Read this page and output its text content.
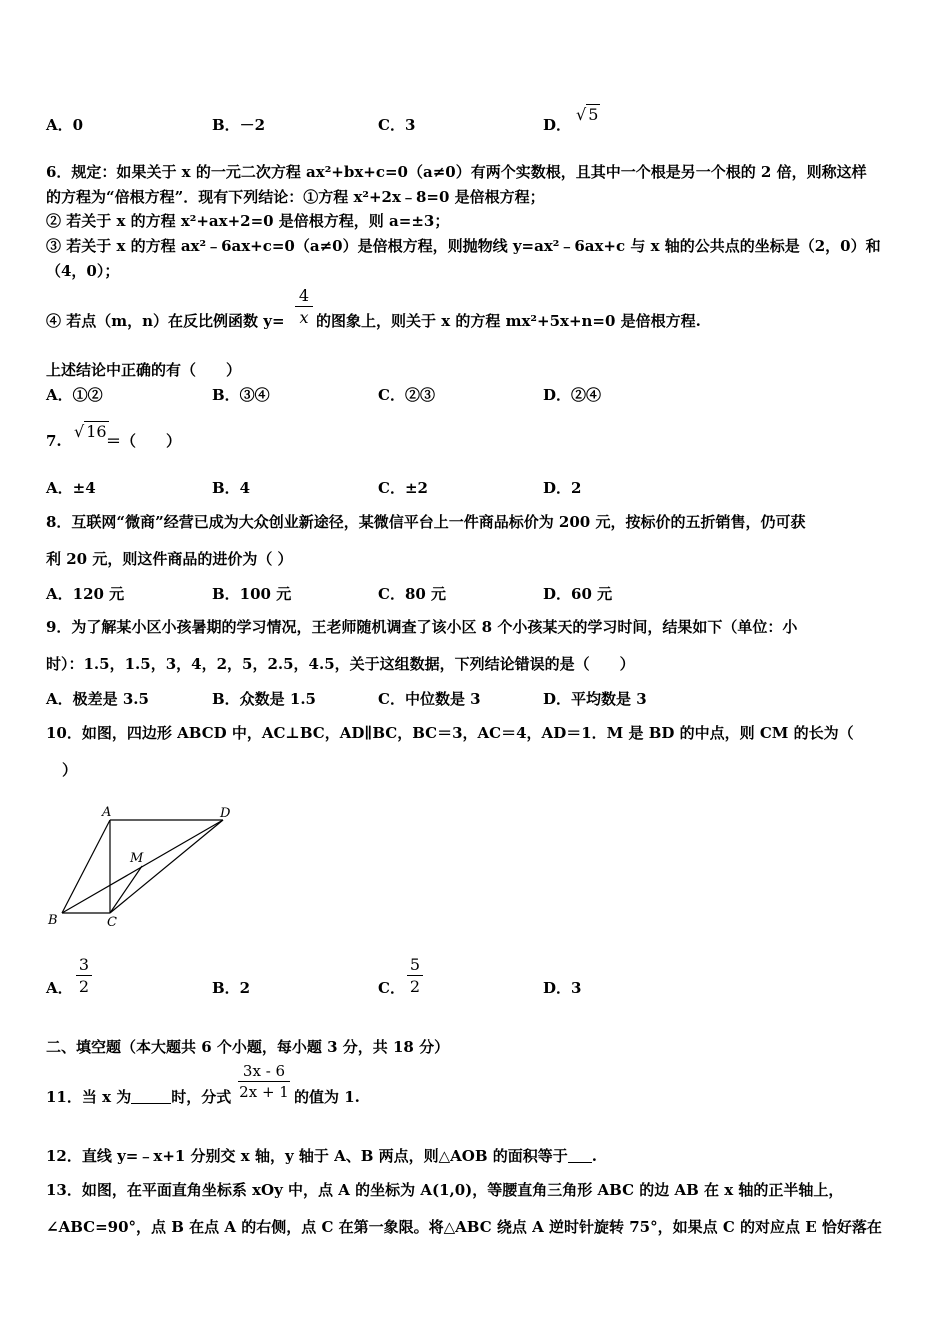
A．0	B．－2	C．3	D．
√ 5
6．规定：如果关于 x 的一元二次方程 ax²+bx+c=0（a≠0）有两个实数根，且其中一个根是另一个根的 2 倍，则称这样
的方程为“倍根方程”．现有下列结论：①方程 x²+2x﹣8=0 是倍根方程；
② 若关于 x 的方程 x²+ax+2=0 是倍根方程，则 a=±3；
③ 若关于 x 的方程 ax²﹣6ax+c=0（a≠0）是倍根方程，则抛物线 y=ax²﹣6ax+c 与 x 轴的公共点的坐标是（2，0）和
（4，0）；
④ 若点（m，n）在反比例函数 y=
4
x 的图象上，则关于 x 的方程 mx²+5x+n=0 是倍根方程.
上述结论中正确的有（　　）
A．①②	B．③④	C．②③	D．②④
7. √ 16 ＝（　　）
A．±4	B．4	C．±2	D．2
8．互联网“微商”经营已成为大众创业新途径，某微信平台上一件商品标价为 200 元，按标价的五折销售，仍可获
利 20 元，则这件商品的进价为（ ）
A．120 元	B．100 元	C．80 元	D．60 元
9．为了解某小区小孩暑期的学习情况，王老师随机调查了该小区 8 个小孩某天的学习时间，结果如下（单位：小
时）：1.5，1.5，3，4，2，5，2.5，4.5，关于这组数据，下列结论错误的是（　　）
A．极差是 3.5	B．众数是 1.5	C．中位数是 3	D．平均数是 3
10．如图，四边形 ABCD 中，AC⊥BC，AD∥BC，BC＝3，AC＝4，AD＝1．M 是 BD 的中点，则 CM 的长为（
）
A	D
M
B	C
A．
3
2	B．2	C．
5
2	D．3
二、填空题（本大题共 6 个小题，每小题 3 分，共 18 分）
11．当 x 为	时，分式
3x - 6
2x + 1 的值为 1.
12．直线 y=﹣x+1 分别交 x 轴，y 轴于 A、B 两点，则△AOB 的面积等于 .
13．如图，在平面直角坐标系 xOy 中，点 A 的坐标为 A(1,0)，等腰直角三角形 ABC 的边 AB 在 x 轴的正半轴上，
∠ABC=90°，点 B 在点 A 的右侧，点 C 在第一象限。将△ABC 绕点 A 逆时针旋转 75°，如果点 C 的对应点 E 恰好落在
